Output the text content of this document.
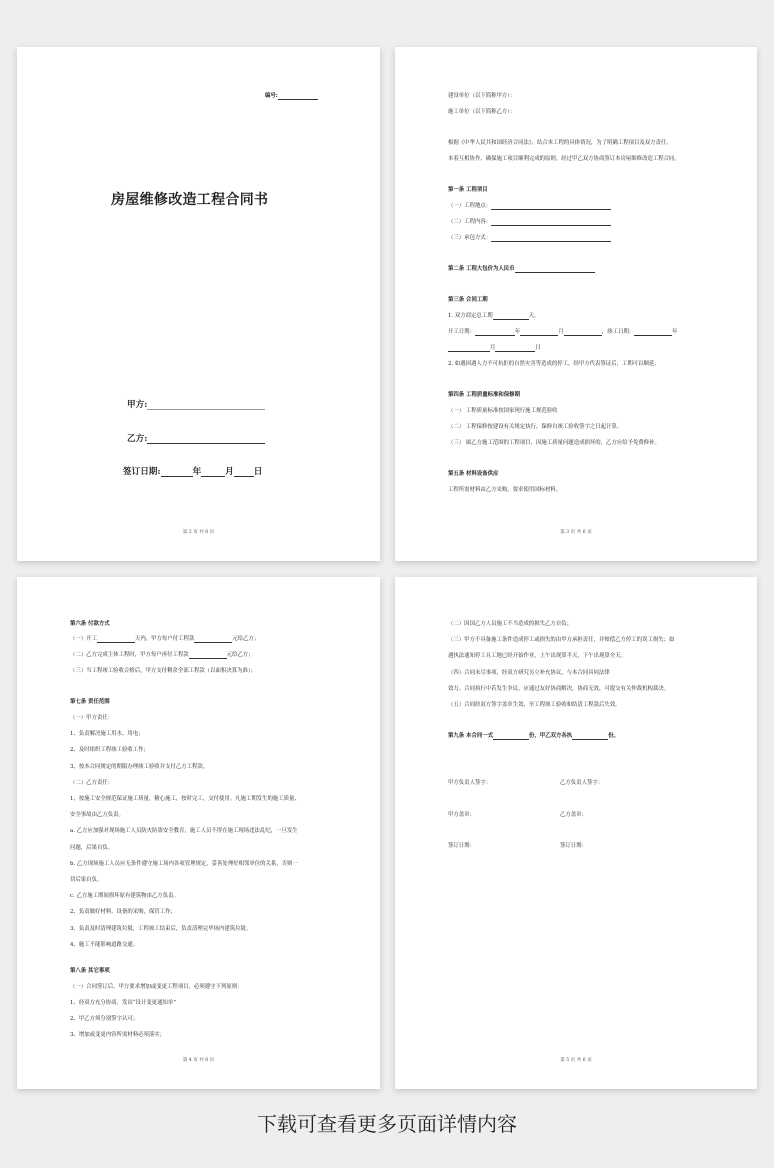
编号:
房屋维修改造工程合同书
甲方:
乙方:
签订日期:	年	月 日
第 2 页 共 6 页
建设单位（以下简称甲方）：
施工单位（以下简称乙方）：
根据《中华人民共和国经济合同法》，结合本工程的具体情况，为了明确工程项目及双方责任，
本着互相协作，确保施工项目顺利完成的原则，经过甲乙双方协商签订本房屋维修改造工程合同。
第一条 工程项目
（一）工程地点：
（二）工程内容：
（三）承包方式：
第二条 工程大包价为人民币
第三条 合同工期
1. 双方商定总工期	天。
开工日期：	年	月	，竣工日期：	年
月	日
2. 如遇因遇人力不可抗拒的自然灾害等造成的停工，经甲方代表签证后，工期可以顺延。
第四条 工程质量标准和保修期
（一） 工程质量标准按国家现行施工规范验收
（二） 工程保修按建设有关规定执行，保修自竣工验收签字之日起计算。
（三） 属乙方施工范围的工程项目，因施工质量问题造成损坏的，乙方应给予免费修补。
第五条 材料设备供应
工程所需材料由乙方采购，要求使用国标材料。
第 3 页 共 6 页
第六条 付款方式
（一）开工	天内，甲方每户付工程款	元给乙方；
（二）乙方完成主体工程时，甲方每户再付工程款	元给乙方；
（三）当工程竣工验收合格后，甲方支付剩余全部工程款（以面积决算为准）；
第七条 责任范围
（一）甲方责任：
1、负责解决施工用水、用电；
2、及时组织工程竣工验收工作；
3、按本合同规定的期限办理竣工验收并支付乙方工程款。
（二）乙方责任：
1、按施工安全规范保证施工质量，精心施工，按时完工，交付使用。凡施工期发生的施工质量、
安全事故由乙方负责。
a. 乙方应加强对现场施工人员防火防盗安全教育，施工人员不得在施工现场违法乱纪，一旦发生
问题，后果自负。
b. 乙方现场施工人员应无条件遵守施工场内各项管理规定，妥善处理好相邻单位的关系，否则一
切后果自负。
c. 乙方施工期间损坏原有建筑物由乙方负责。
2、负责做好材料、设备的采购，保管工作；
3、负责及时清理建筑垃圾，工程竣工结束后，负责清理完毕场内建筑垃圾。
4、施工不能影响道路交通。
第八条 其它事项
（一）合同签订后，甲方要求增加或变更工程项目，必须遵守下列原则：
1、经双方充分协商，发出“设计变更通知单”
2、甲乙方须分别签字认可；
3、增加或变更内容所需材料必须落实；
第 4 页 共 6 页
（二）因国乙方人员施工不当造成的损失乙方自负；
（三）甲方不具备施工条件造成停工或损失的由甲方承担责任，并赔偿乙方停工的误工损失；如
遇执法通知停工且工地已经开始作业，上午出现算半天，下午出现算全天。
（四）合同未尽事项，经双方研究另立补充协议，与本合同具同法律
效力。合同执行中若发生争议，应通过友好协商解决，协商无效，可提交有关仲裁机构裁决。
（五）合同经双方签字盖章生效，至工程竣工验收和结清工程款后失效。
第九条 本合同一式	份，甲乙双方各执	份。
甲方负责人签字：	乙方负责人签字：
甲方盖章：	乙方盖章：
签订日期：	签订日期：
第 5 页 共 6 页
下载可查看更多页面详情内容
